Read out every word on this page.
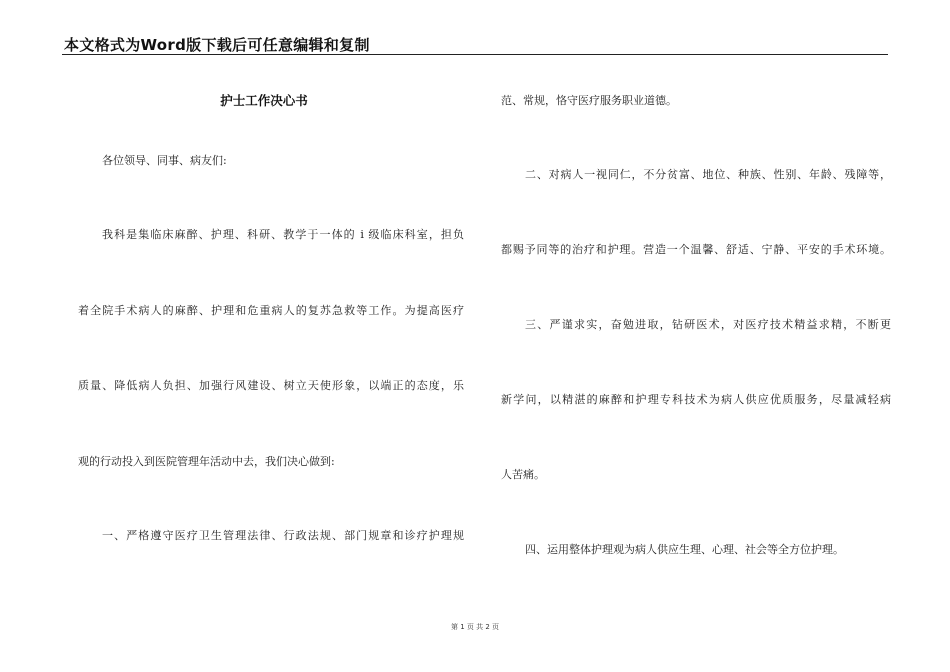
本文格式为Word版下载后可任意编辑和复制
护士工作决心书
各位领导、同事、病友们:
我科是集临床麻醉、护理、科研、教学于一体的 i 级临床科室，担负
着全院手术病人的麻醉、护理和危重病人的复苏急救等工作。为提高医疗
质量、降低病人负担、加强行风建设、树立天使形象，以端正的态度，乐
观的行动投入到医院管理年活动中去，我们决心做到:
一、严格遵守医疗卫生管理法律、行政法规、部门规章和诊疗护理规
范、常规，恪守医疗服务职业道德。
二、对病人一视同仁，不分贫富、地位、种族、性别、年龄、残障等，
都赐予同等的治疗和护理。营造一个温馨、舒适、宁静、平安的手术环境。
三、严谨求实，奋勉进取，钻研医术，对医疗技术精益求精，不断更
新学问，以精湛的麻醉和护理专科技术为病人供应优质服务，尽量减轻病
人苦痛。
四、运用整体护理观为病人供应生理、心理、社会等全方位护理。
第 1 页 共 2 页
